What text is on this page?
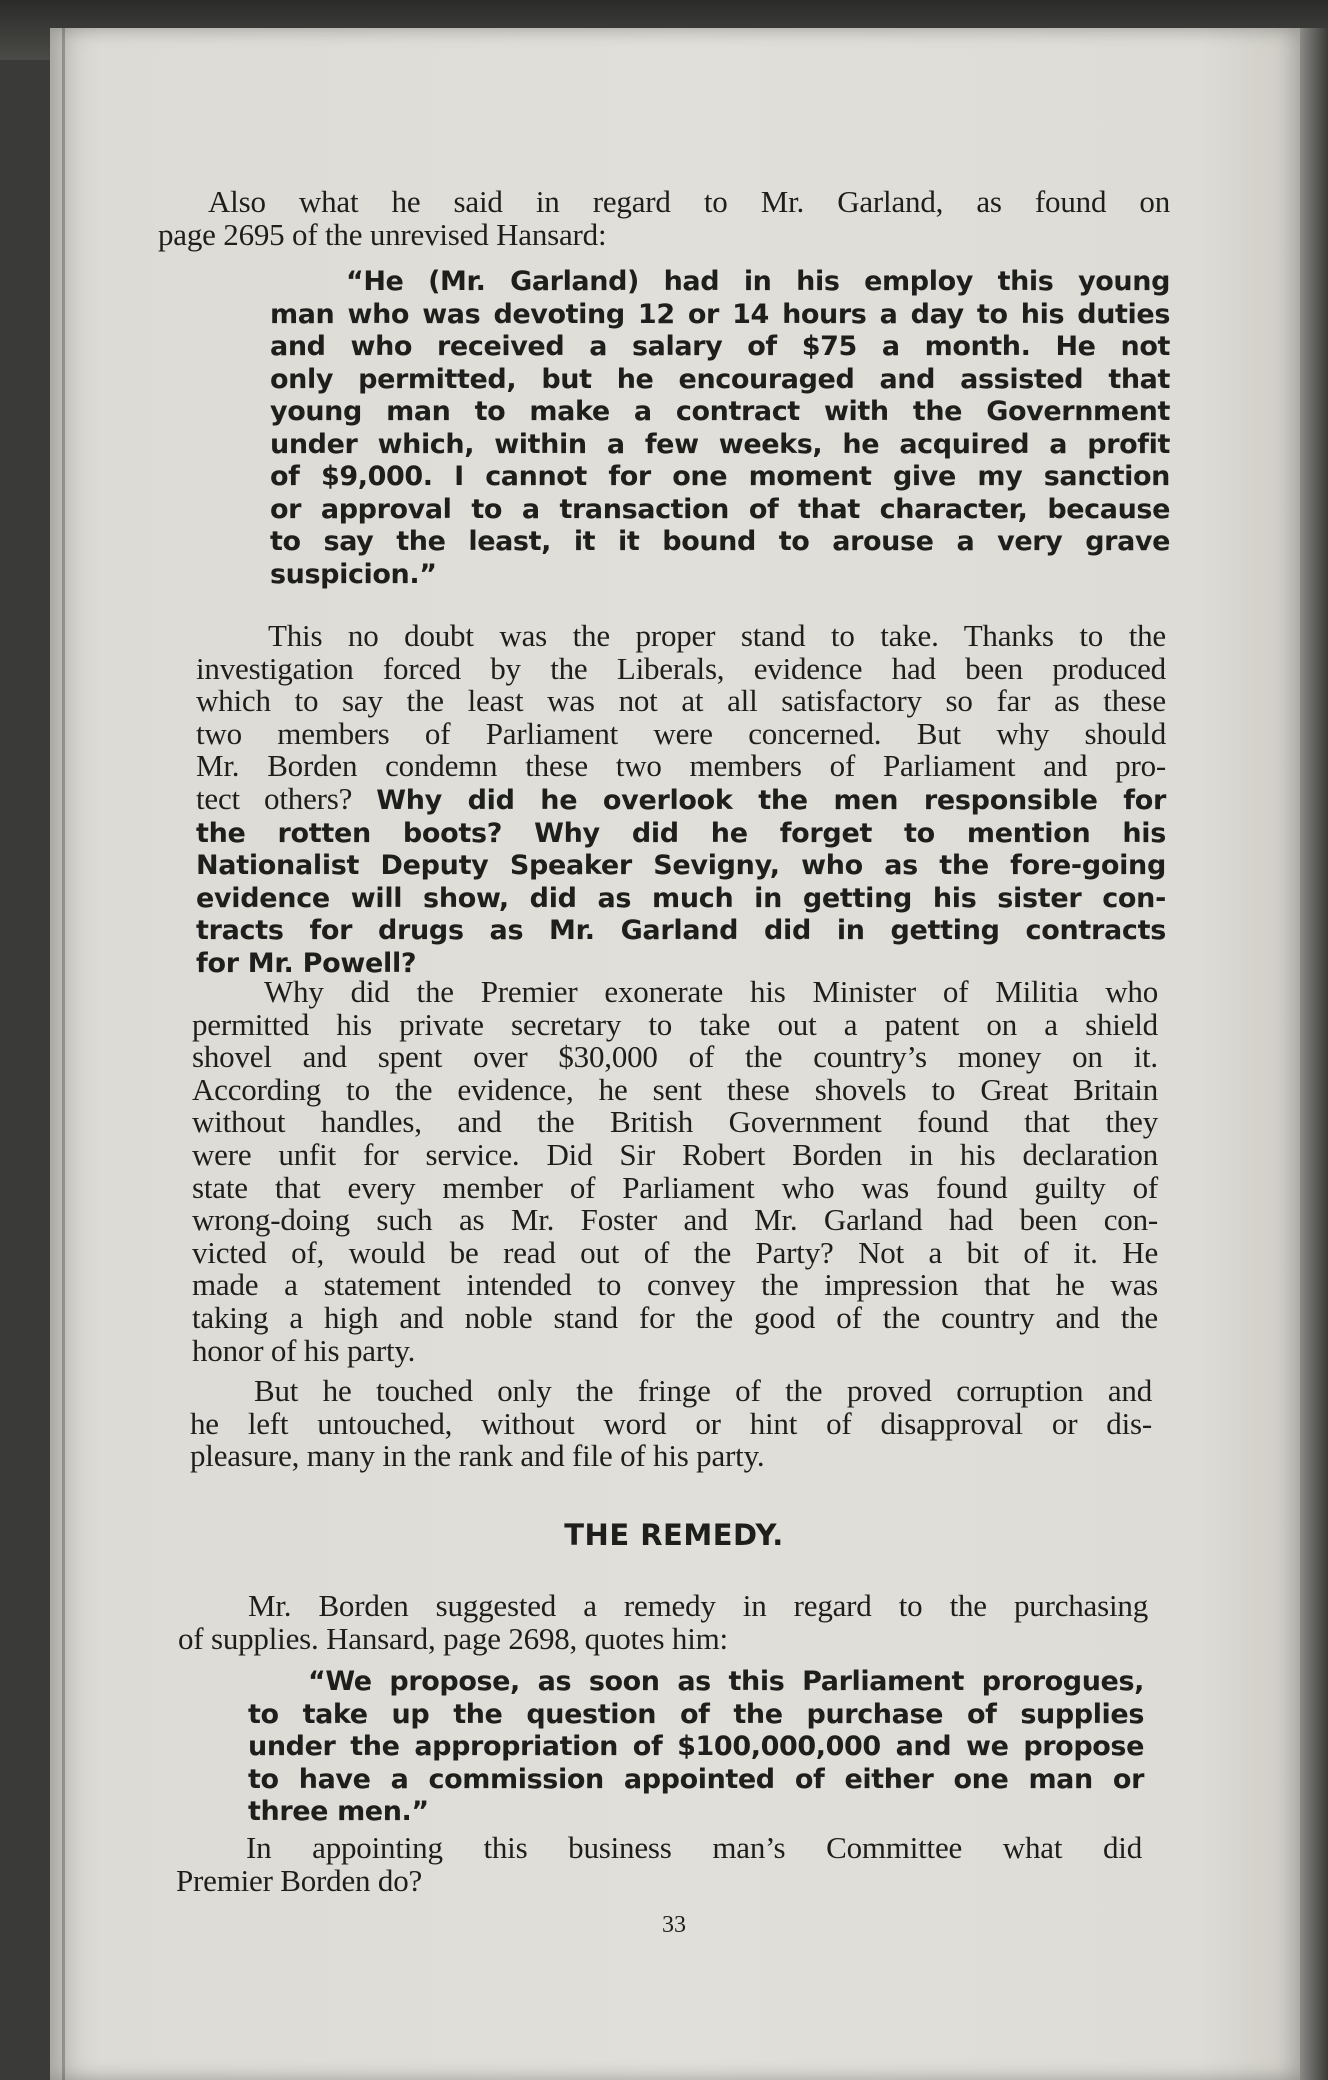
Also what he said in regard to Mr. Garland, as found on
page 2695 of the unrevised Hansard:
“He (Mr. Garland) had in his employ this young
man who was devoting 12 or 14 hours a day to his duties
and who received a salary of $75 a month. He not
only permitted, but he encouraged and assisted that
young man to make a contract with the Government
under which, within a few weeks, he acquired a profit
of $9,000. I cannot for one moment give my sanction
or approval to a transaction of that character, because
to say the least, it it bound to arouse a very grave
suspicion.”
This no doubt was the proper stand to take. Thanks to the
investigation forced by the Liberals, evidence had been produced
which to say the least was not at all satisfactory so far as these
two members of Parliament were concerned. But why should
Mr. Borden condemn these two members of Parliament and pro-
tect others? Why did he overlook the men responsible for
the rotten boots? Why did he forget to mention his
Nationalist Deputy Speaker Sevigny, who as the fore-going
evidence will show, did as much in getting his sister con-
tracts for drugs as Mr. Garland did in getting contracts
for Mr. Powell?
Why did the Premier exonerate his Minister of Militia who
permitted his private secretary to take out a patent on a shield
shovel and spent over $30,000 of the country’s money on it.
According to the evidence, he sent these shovels to Great Britain
without handles, and the British Government found that they
were unfit for service. Did Sir Robert Borden in his declaration
state that every member of Parliament who was found guilty of
wrong-doing such as Mr. Foster and Mr. Garland had been con-
victed of, would be read out of the Party? Not a bit of it. He
made a statement intended to convey the impression that he was
taking a high and noble stand for the good of the country and the
honor of his party.
But he touched only the fringe of the proved corruption and
he left untouched, without word or hint of disapproval or dis-
pleasure, many in the rank and file of his party.
THE REMEDY.
Mr. Borden suggested a remedy in regard to the purchasing
of supplies. Hansard, page 2698, quotes him:
“We propose, as soon as this Parliament prorogues,
to take up the question of the purchase of supplies
under the appropriation of $100,000,000 and we propose
to have a commission appointed of either one man or
three men.”
In appointing this business man’s Committee what did
Premier Borden do?

33
